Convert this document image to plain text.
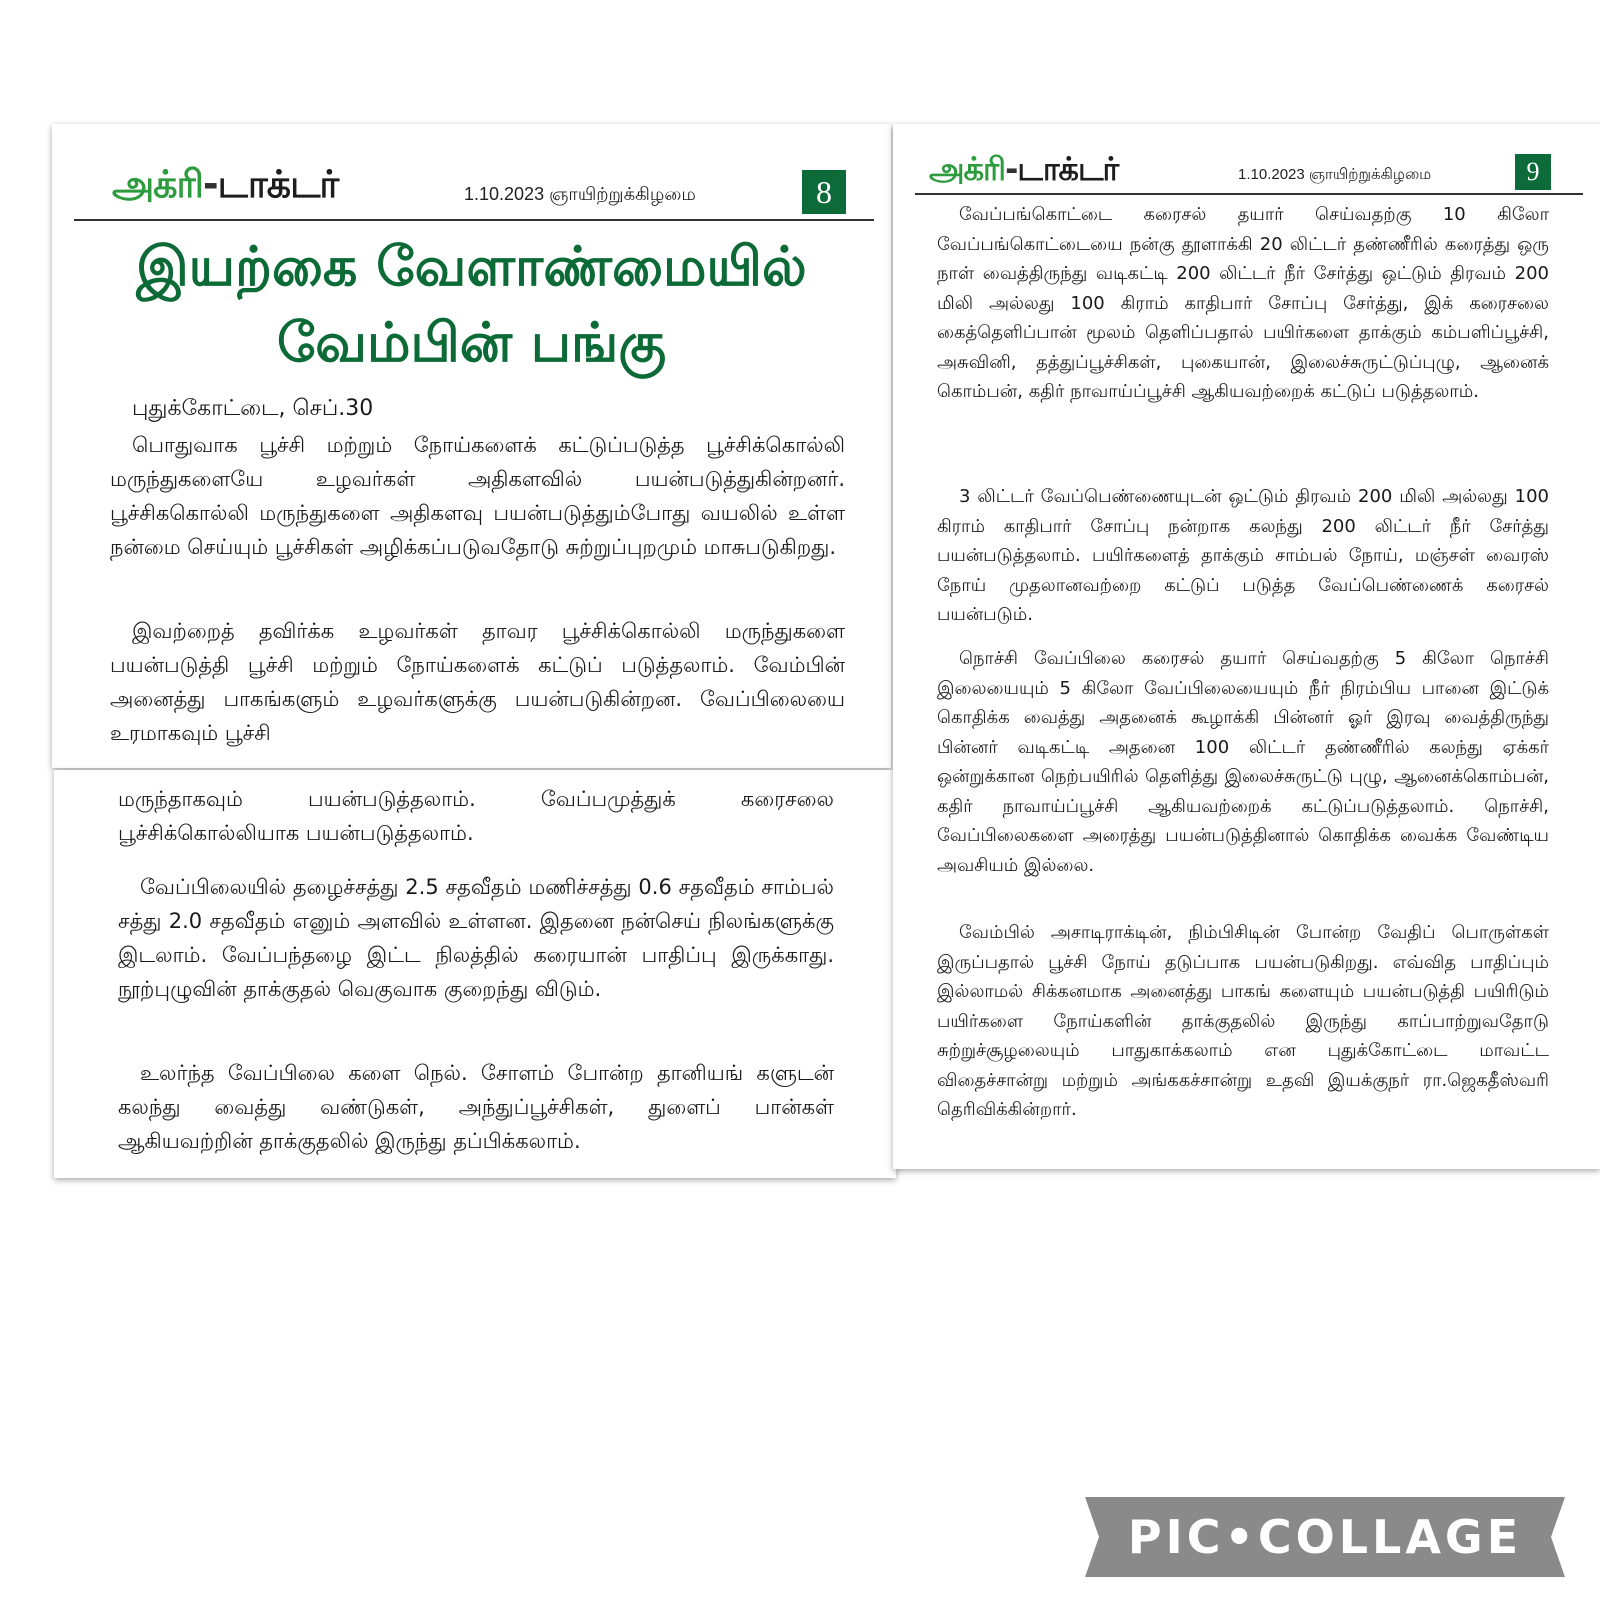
அக்ரி-டாக்டர்	1.10.2023 ஞாயிற்றுக்கிழமை	8
இயற்கை வேளாண்மையில்
வேம்பின் பங்கு
புதுக்கோட்டை, செப்.30
பொதுவாக பூச்சி மற்றும் நோய்களைக் கட்டுப்படுத்த பூச்சிக்கொல்லி மருந்துகளையே உழவர்கள் அதிகளவில் பயன்படுத்துகின்றனர். பூச்சிககொல்லி மருந்துகளை அதிகளவு பயன்படுத்தும்போது வயலில் உள்ள நன்மை செய்யும் பூச்சிகள் அழிக்கப்படுவதோடு சுற்றுப்புறமும் மாசுபடுகிறது.
இவற்றைத் தவிர்க்க உழவர்கள் தாவர பூச்சிக்கொல்லி மருந்துகளை பயன்படுத்தி பூச்சி மற்றும் நோய்களைக் கட்டுப் படுத்தலாம். வேம்பின் அனைத்து பாகங்களும் உழவர்களுக்கு பயன்படுகின்றன. வேப்பிலையை உரமாகவும் பூச்சி
மருந்தாகவும் பயன்படுத்தலாம். வேப்பமுத்துக் கரைசலை பூச்சிக்கொல்லியாக பயன்படுத்தலாம்.
வேப்பிலையில் தழைச்சத்து 2.5 சதவீதம் மணிச்சத்து 0.6 சதவீதம் சாம்பல் சத்து 2.0 சதவீதம் எனும் அளவில் உள்ளன. இதனை நன்செய் நிலங்களுக்கு இடலாம். வேப்பந்தழை இட்ட நிலத்தில் கரையான் பாதிப்பு இருக்காது. நூற்புழுவின் தாக்குதல் வெகுவாக குறைந்து விடும்.
உலர்ந்த வேப்பிலை களை நெல். சோளம் போன்ற தானியங் களுடன் கலந்து வைத்து வண்டுகள், அந்துப்பூச்சிகள், துளைப் பான்கள் ஆகியவற்றின் தாக்குதலில் இருந்து தப்பிக்கலாம்.
அக்ரி-டாக்டர்	1.10.2023 ஞாயிற்றுக்கிழமை	9
வேப்பங்கொட்டை கரைசல் தயார் செய்வதற்கு 10 கிலோ வேப்பங்கொட்டையை நன்கு தூளாக்கி 20 லிட்டர் தண்ணீரில் கரைத்து ஒரு நாள் வைத்திருந்து வடிகட்டி 200 லிட்டர் நீர் சேர்த்து ஒட்டும் திரவம் 200 மிலி அல்லது 100 கிராம் காதிபார் சோப்பு சேர்த்து, இக் கரைசலை கைத்தெளிப்பான் மூலம் தெளிப்பதால் பயிர்களை தாக்கும் கம்பளிப்பூச்சி, அசுவினி, தத்துப்பூச்சிகள், புகையான், இலைச்சுருட்டுப்புழு, ஆனைக் கொம்பன், கதிர் நாவாய்ப்பூச்சி ஆகியவற்றைக் கட்டுப் படுத்தலாம்.
3 லிட்டர் வேப்பெண்ணையுடன் ஒட்டும் திரவம் 200 மிலி அல்லது 100 கிராம் காதிபார் சோப்பு நன்றாக கலந்து 200 லிட்டர் நீர் சேர்த்து பயன்படுத்தலாம். பயிர்களைத் தாக்கும் சாம்பல் நோய், மஞ்சள் வைரஸ் நோய் முதலானவற்றை கட்டுப் படுத்த வேப்பெண்ணைக் கரைசல் பயன்படும்.
நொச்சி வேப்பிலை கரைசல் தயார் செய்வதற்கு 5 கிலோ நொச்சி இலையையும் 5 கிலோ வேப்பிலையையும் நீர் நிரம்பிய பானை இட்டுக் கொதிக்க வைத்து அதனைக் கூழாக்கி பின்னர் ஓர் இரவு வைத்திருந்து பின்னர் வடிகட்டி அதனை 100 லிட்டர் தண்ணீரில் கலந்து ஏக்கர் ஒன்றுக்கான நெற்பயிரில் தெளித்து இலைச்சுருட்டு புழு, ஆனைக்கொம்பன், கதிர் நாவாய்ப்பூச்சி ஆகியவற்றைக் கட்டுப்படுத்தலாம். நொச்சி, வேப்பிலைகளை அரைத்து பயன்படுத்தினால் கொதிக்க வைக்க வேண்டிய அவசியம் இல்லை.
வேம்பில் அசாடிராக்டின், நிம்பிசிடின் போன்ற வேதிப் பொருள்கள் இருப்பதால் பூச்சி நோய் தடுப்பாக பயன்படுகிறது. எவ்வித பாதிப்பும் இல்லாமல் சிக்கனமாக அனைத்து பாகங் களையும் பயன்படுத்தி பயிரிடும் பயிர்களை நோய்களின் தாக்குதலில் இருந்து காப்பாற்றுவதோடு சுற்றுச்சூழலையும் பாதுகாக்கலாம் என புதுக்கோட்டை மாவட்ட விதைச்சான்று மற்றும் அங்ககச்சான்று உதவி இயக்குநர் ரா.ஜெகதீஸ்வரி தெரிவிக்கின்றார்.
PIC•COLLAGE
